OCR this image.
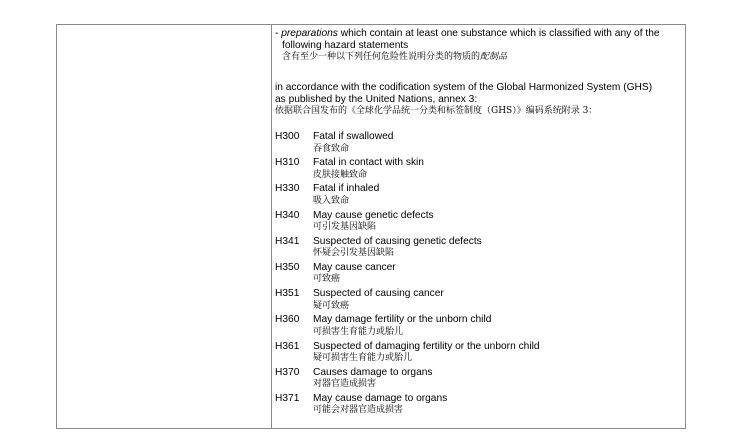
- preparations which contain at least one substance which is classified with any of the
following hazard statements
含有至少一种以下列任何危险性说明分类的物质的配制品
in accordance with the codification system of the Global Harmonized System (GHS)
as published by the United Nations, annex 3:
依据联合国发布的《全球化学品统一分类和标签制度（GHS）》编码系统附录 3：
H300	Fatal if swallowed
吞食致命
H310	Fatal in contact with skin
皮肤接触致命
H330	Fatal if inhaled
吸入致命
H340	May cause genetic defects
可引发基因缺陷
H341	Suspected of causing genetic defects
怀疑会引发基因缺陷
H350	May cause cancer
可致癌
H351	Suspected of causing cancer
疑可致癌
H360	May damage fertility or the unborn child
可损害生育能力或胎儿
H361	Suspected of damaging fertility or the unborn child
疑可损害生育能力或胎儿
H370	Causes damage to organs
对器官造成损害
H371	May cause damage to organs
可能会对器官造成损害
